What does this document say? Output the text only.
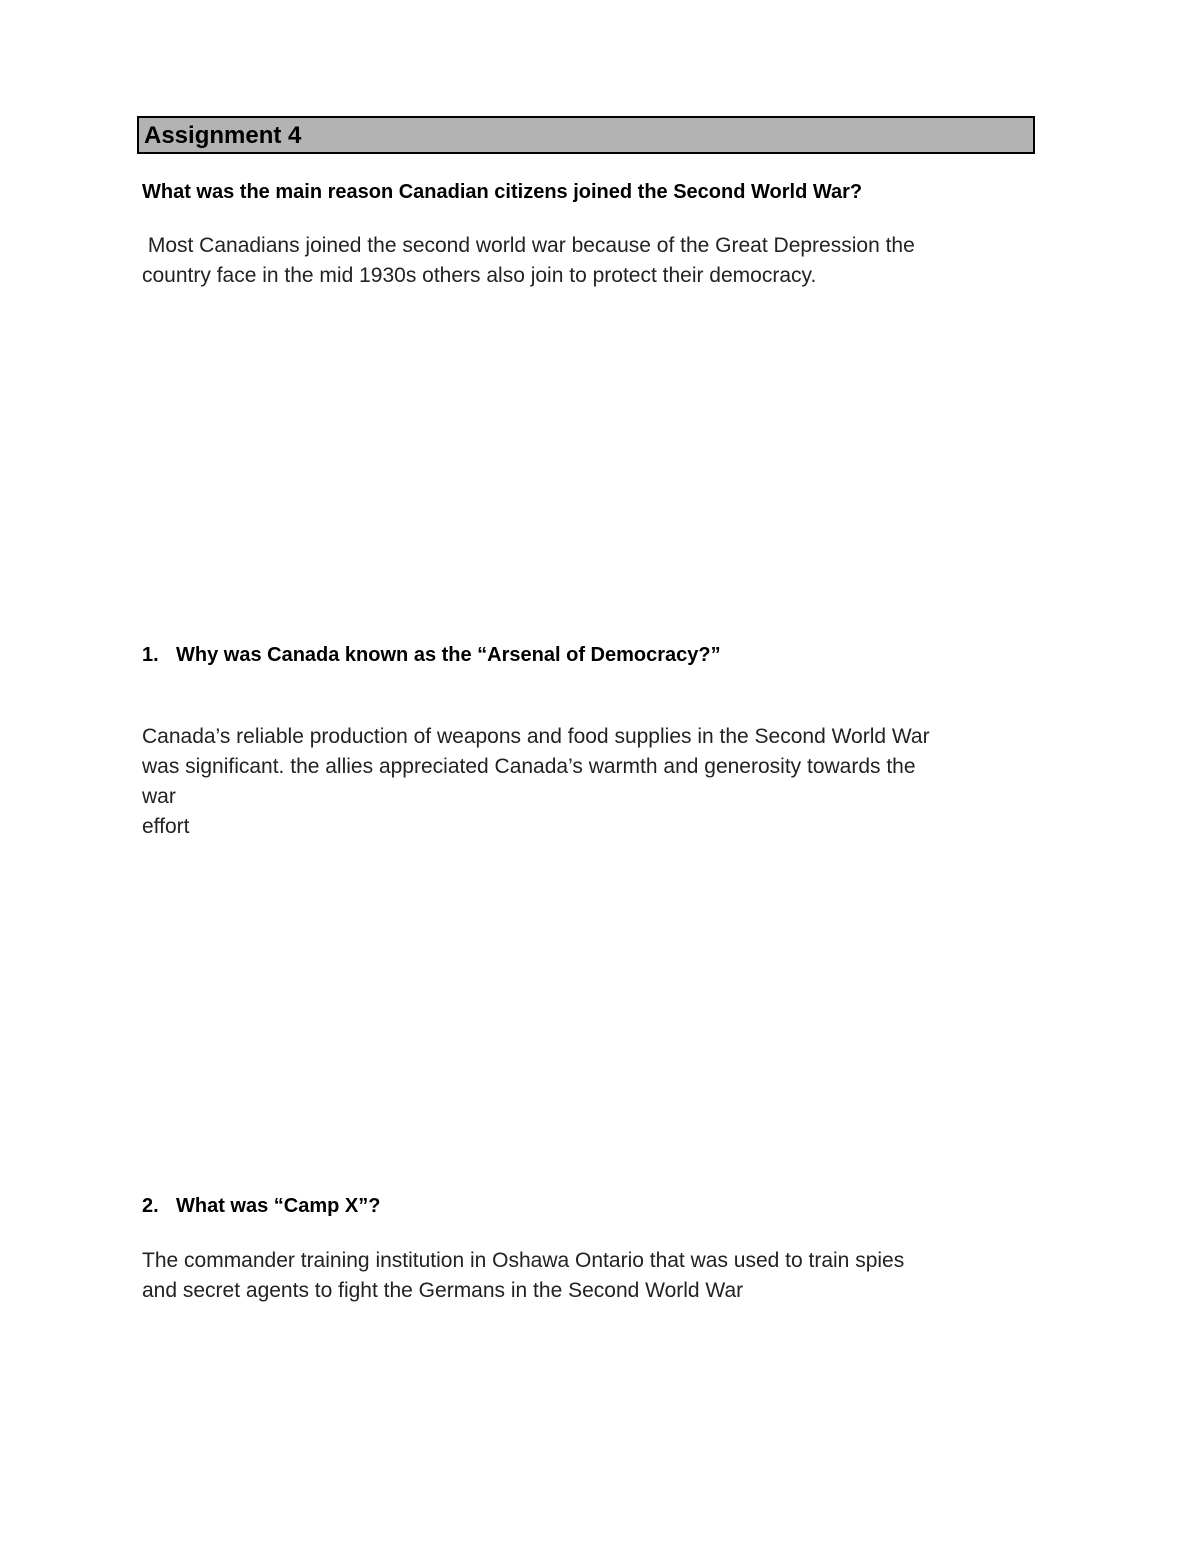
Assignment 4
What was the main reason Canadian citizens joined the Second World War?
Most Canadians joined the second world war because of the Great Depression the
country face in the mid 1930s others also join to protect their democracy.
1. Why was Canada known as the “Arsenal of Democracy?”
Canada’s reliable production of weapons and food supplies in the Second World War
was significant. the allies appreciated Canada’s warmth and generosity towards the
war
effort
2. What was “Camp X”?
The commander training institution in Oshawa Ontario that was used to train spies
and secret agents to fight the Germans in the Second World War
